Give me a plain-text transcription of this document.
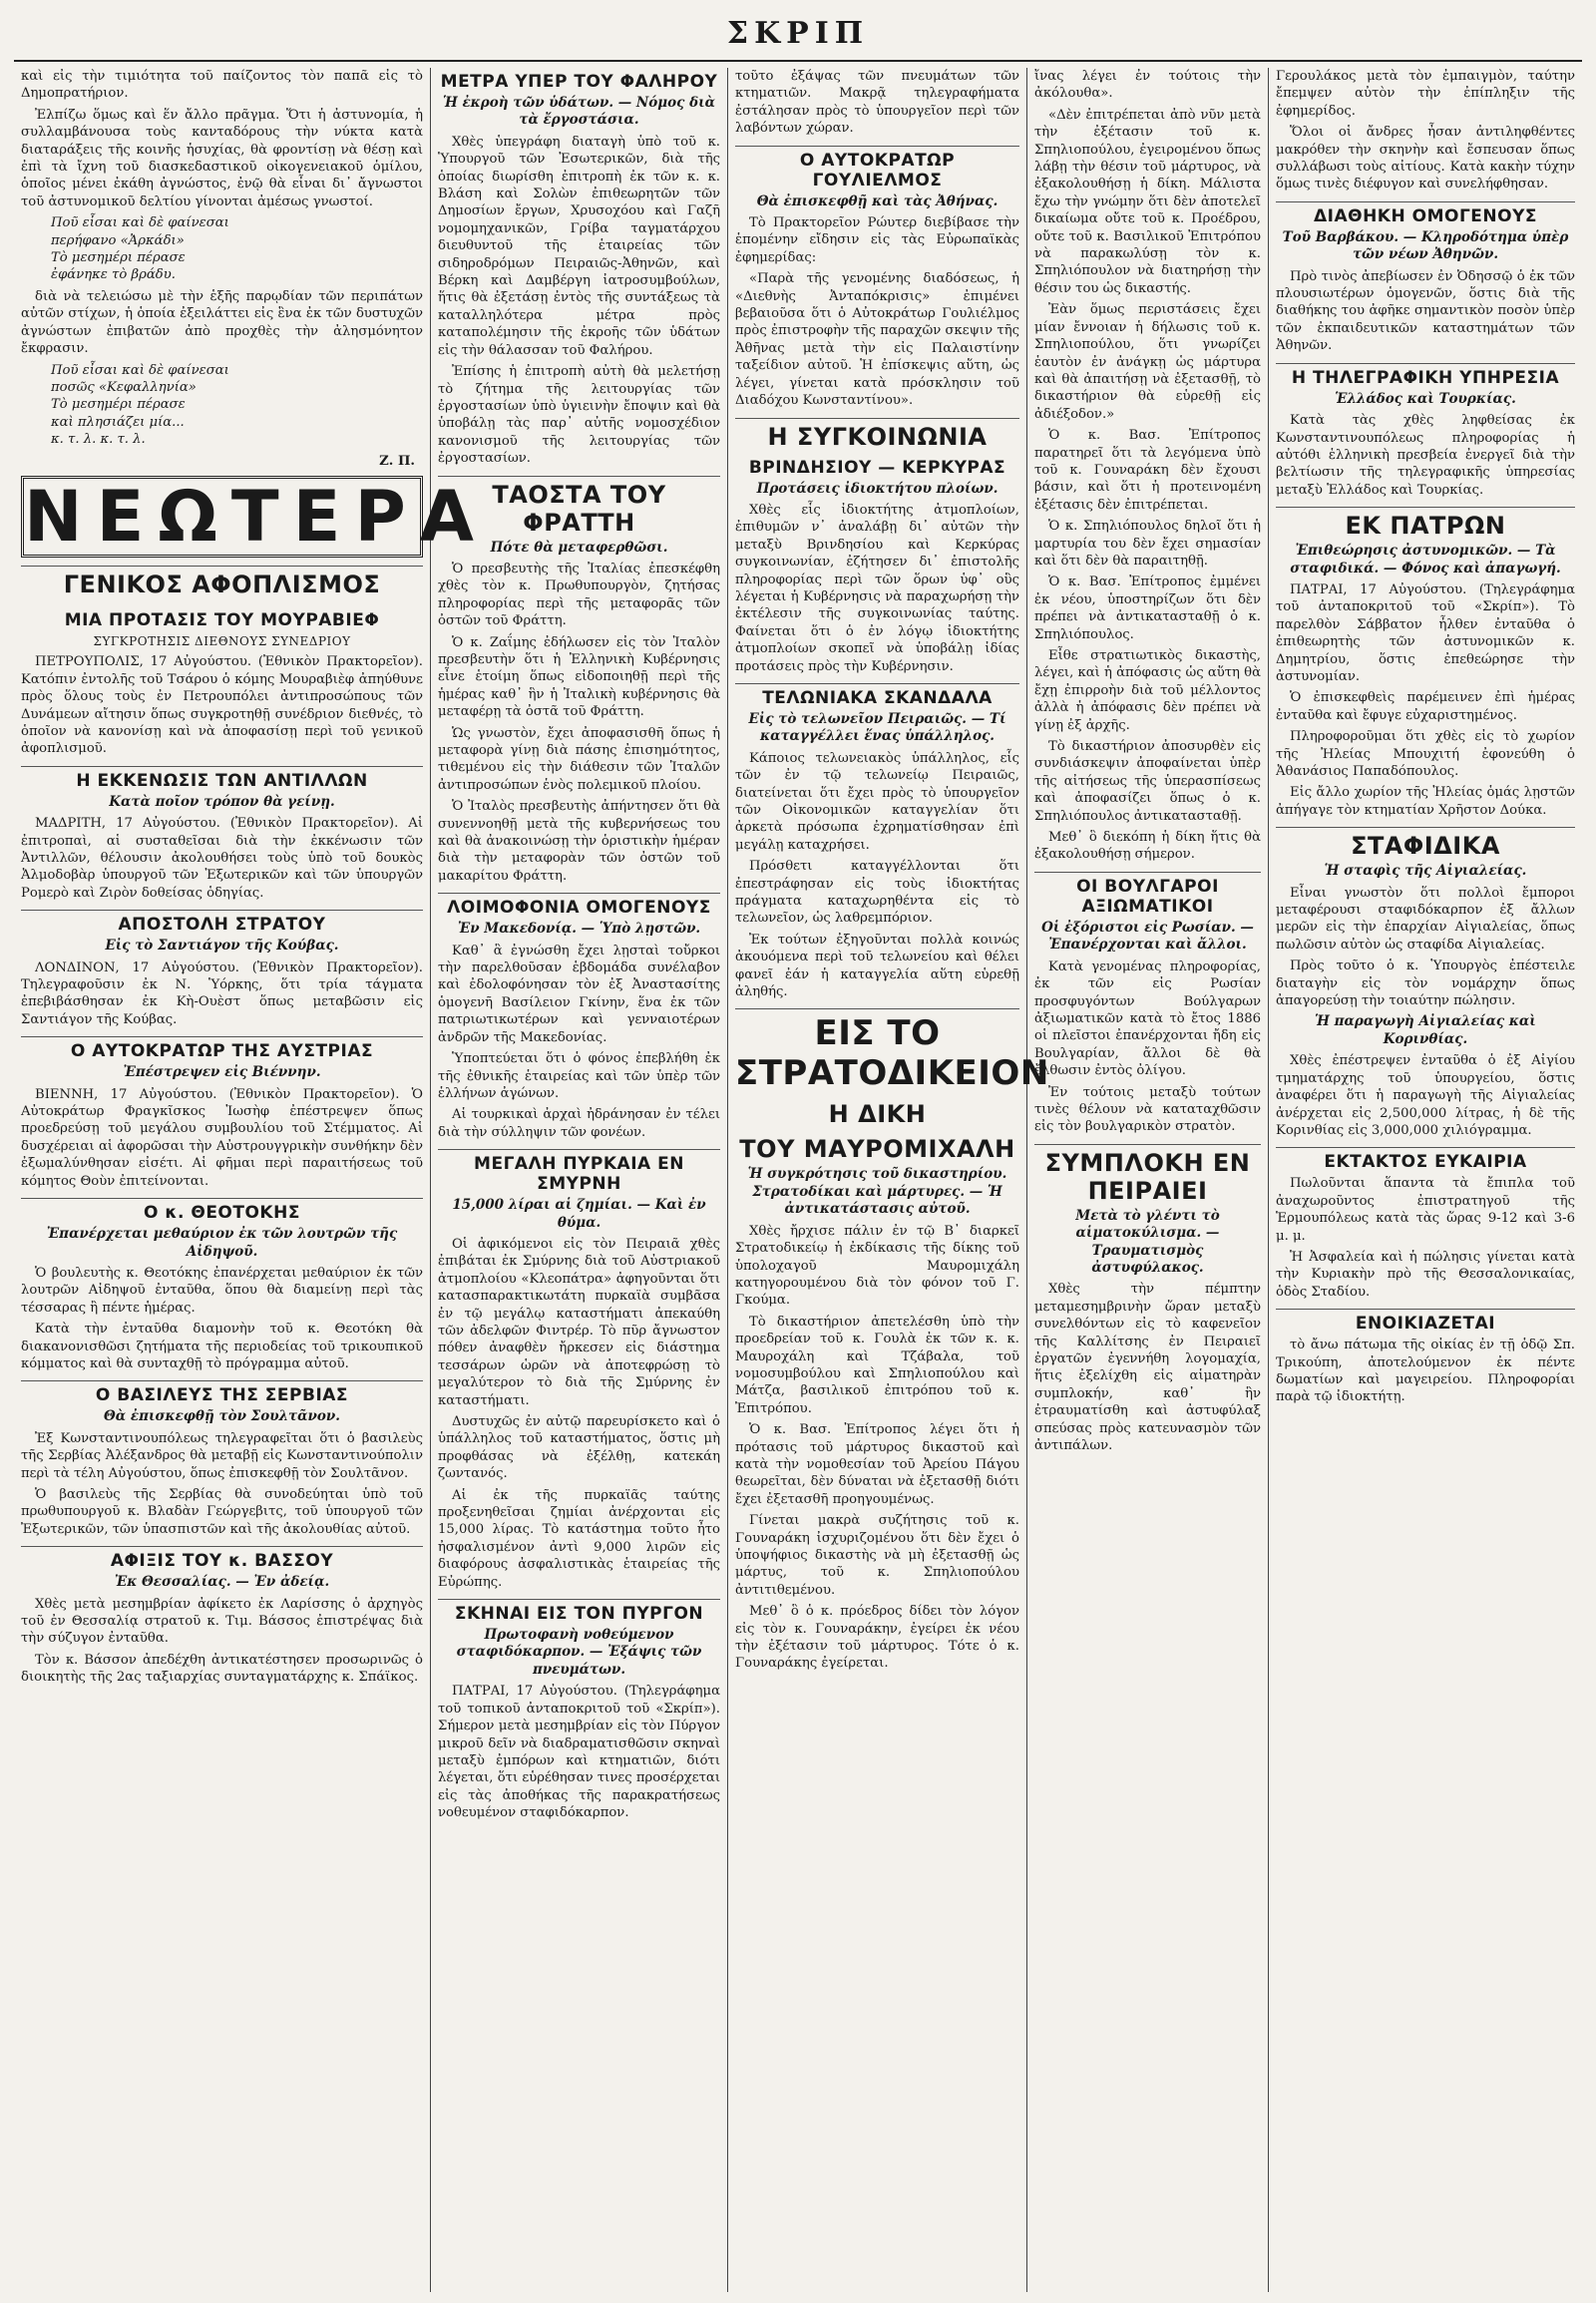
ΣΚΡΙΠ

καὶ εἰς τὴν τιμιότητα τοῦ παίζοντος τὸν παπᾶ εἰς τὸ Δημοπρατήριον.

Ἐλπίζω ὅμως καὶ ἕν ἄλλο πρᾶγμα. Ὅτι ἡ ἀστυνομία, ἡ συλλαμβάνουσα τοὺς κανταδόρους τὴν νύκτα κατὰ διαταράξεις τῆς κοινῆς ἡσυχίας, θὰ φροντίσῃ νὰ θέσῃ καὶ ἐπὶ τὰ ἴχνη τοῦ διασκεδαστικοῦ οἰκογενειακοῦ ὁμίλου, ὁποῖος μένει ἐκάθη ἀγνώστος, ἐνῷ θὰ εἶναι δι᾽ ἄγνωστοι τοῦ ἀστυνομικοῦ δελτίου γίνονται ἀμέσως γνωστοί.

Ποῦ εἶσαι καὶ δὲ φαίνεσαι
περήφανο «Ἀρκάδι»
Τὸ μεσημέρι πέρασε
ἐφάνηκε τὸ βράδυ.

διὰ νὰ τελειώσω μὲ τὴν ἑξῆς παρῳδίαν τῶν περιπάτων αὐτῶν στίχων, ἡ ὁποία ἐξειλάττει εἰς ἓνα ἐκ τῶν δυστυχῶν ἀγνώστων ἐπιβατῶν ἀπὸ προχθὲς τὴν ἀλησμόνητον ἔκφρασιν.

Ποῦ εἶσαι καὶ δὲ φαίνεσαι
ποσῶς «Κεφαλληνία»
Τὸ μεσημέρι πέρασε
καὶ πλησιάζει μία...
κ. τ. λ. κ. τ. λ.
Ζ. Π.
ΝΕΩΤΕΡΑ
ΓΕΝΙΚΟΣ ΑΦΟΠΛΙΣΜΟΣ
ΜΙΑ ΠΡΟΤΑΣΙΣ ΤΟΥ ΜΟΥΡΑΒΙΕΦ
ΣΥΓΚΡΟΤΗΣΙΣ ΔΙΕΘΝΟΥΣ ΣΥΝΕΔΡΙΟΥ

ΠΕΤΡΟΥΠΟΛΙΣ, 17 Αὐγούστου. (Ἐθνικὸν Πρακτορεῖον). Κατόπιν ἐντολῆς τοῦ Τσάρου ὁ κόμης Μουραβιὲφ ἀπηύθυνε πρὸς ὅλους τοὺς ἐν Πετρουπόλει ἀντιπροσώπους τῶν Δυνάμεων αἴτησιν ὅπως συγκροτηθῇ συνέδριον διεθνές, τὸ ὁποῖον νὰ κανονίσῃ καὶ νὰ ἀποφασίσῃ περὶ τοῦ γενικοῦ ἀφοπλισμοῦ.

Η ΕΚΚΕΝΩΣΙΣ ΤΩΝ ΑΝΤΙΛΛΩΝ
Κατὰ ποῖον τρόπον θὰ γείνῃ.

ΜΑΔΡΙΤΗ, 17 Αὐγούστου. (Ἐθνικὸν Πρακτορεῖον). Αἱ ἐπιτροπαὶ, αἱ συσταθεῖσαι διὰ τὴν ἐκκένωσιν τῶν Ἀντιλλῶν, θέλουσιν ἀκολουθήσει τοὺς ὑπὸ τοῦ δουκὸς Ἀλμοδοβὰρ ὑπουργοῦ τῶν Ἐξωτερικῶν καὶ τῶν ὑπουργῶν Ρομερὸ καὶ Ζιρὸν δοθείσας ὁδηγίας.

ΑΠΟΣΤΟΛΗ ΣΤΡΑΤΟΥ
Εἰς τὸ Σαντιάγον τῆς Κούβας.

ΛΟΝΔΙΝΟΝ, 17 Αὐγούστου. (Ἐθνικὸν Πρακτορεῖον). Τηλεγραφοῦσιν ἐκ Ν. Ὑόρκης, ὅτι τρία τάγματα ἐπεβιβάσθησαν ἐκ Κὴ-Ουὲστ ὅπως μεταβῶσιν εἰς Σαντιάγον τῆς Κούβας.

Ο ΑΥΤΟΚΡΑΤΩΡ ΤΗΣ ΑΥΣΤΡΙΑΣ
Ἐπέστρεψεν εἰς Βιέννην.

ΒΙΕΝΝΗ, 17 Αὐγούστου. (Ἐθνικὸν Πρακτορεῖον). Ὁ Αὐτοκράτωρ Φραγκῖσκος Ἰωσὴφ ἐπέστρεψεν ὅπως προεδρεύσῃ τοῦ μεγάλου συμβουλίου τοῦ Στέμματος. Αἱ δυσχέρειαι αἱ ἀφορῶσαι τὴν Αὐστρουγγρικὴν συνθήκην δὲν ἐξωμαλύνθησαν εἰσέτι. Αἱ φῆμαι περὶ παραιτήσεως τοῦ κόμητος Θοὺν ἐπιτείνονται.

Ο κ. ΘΕΟΤΟΚΗΣ
Ἐπανέρχεται μεθαύριον ἐκ τῶν λουτρῶν τῆς Αἰδηψοῦ.

Ὁ βουλευτὴς κ. Θεοτόκης ἐπανέρχεται μεθαύριον ἐκ τῶν λουτρῶν Αἰδηψοῦ ἐνταῦθα, ὅπου θὰ διαμείνῃ περὶ τὰς τέσσαρας ἢ πέντε ἡμέρας.

Κατὰ τὴν ἐνταῦθα διαμονὴν τοῦ κ. Θεοτόκη θὰ διακανονισθῶσι ζητήματα τῆς περιοδείας τοῦ τρικουπικοῦ κόμματος καὶ θὰ συνταχθῇ τὸ πρόγραμμα αὐτοῦ.

Ο ΒΑΣΙΛΕΥΣ ΤΗΣ ΣΕΡΒΙΑΣ
Θὰ ἐπισκεφθῇ τὸν Σουλτᾶνον.

Ἐξ Κωνσταντινουπόλεως τηλεγραφεῖται ὅτι ὁ βασιλεὺς τῆς Σερβίας Ἀλέξανδρος θὰ μεταβῇ εἰς Κωνσταντινούπολιν περὶ τὰ τέλη Αὐγούστου, ὅπως ἐπισκεφθῇ τὸν Σουλτᾶνον.

Ὁ βασιλεὺς τῆς Σερβίας θὰ συνοδεύηται ὑπὸ τοῦ πρωθυπουργοῦ κ. Βλαδὰν Γεώργεβιτς, τοῦ ὑπουργοῦ τῶν Ἐξωτερικῶν, τῶν ὑπασπιστῶν καὶ τῆς ἀκολουθίας αὐτοῦ.

ΑΦΙΞΙΣ ΤΟΥ κ. ΒΑΣΣΟΥ
Ἐκ Θεσσαλίας. — Ἐν ἀδείᾳ.

Χθὲς μετὰ μεσημβρίαν ἀφίκετο ἐκ Λαρίσσης ὁ ἀρχηγὸς τοῦ ἐν Θεσσαλίᾳ στρατοῦ κ. Τιμ. Βάσσος ἐπιστρέψας διὰ τὴν σύζυγον ἐνταῦθα.

Τὸν κ. Βάσσον ἀπεδέχθη ἀντικατέστησεν προσωρινῶς ὁ διοικητὴς τῆς 2ας ταξιαρχίας συνταγματάρχης κ. Σπάϊκος.

ΜΕΤΡΑ ΥΠΕΡ ΤΟΥ ΦΑΛΗΡΟΥ
Ἡ ἐκροὴ τῶν ὑδάτων. — Νόμος διὰ τὰ ἔργοστάσια.

Χθὲς ὑπεγράφη διαταγὴ ὑπὸ τοῦ κ. Ὑπουργοῦ τῶν Ἐσωτερικῶν, διὰ τῆς ὁποίας διωρίσθη ἐπιτροπὴ ἐκ τῶν κ. κ. Βλάση καὶ Σολὼν ἐπιθεωρητῶν τῶν Δημοσίων ἔργων, Χρυσοχόου καὶ Γαζῆ νομομηχανικῶν, Γρίβα ταγματάρχου διευθυντοῦ τῆς ἑταιρείας τῶν σιδηροδρόμων Πειραιῶς-Ἀθηνῶν, καὶ Βέρκη καὶ Δαμβέργη ἰατροσυμβούλων, ἥτις θὰ ἐξετάσῃ ἐντὸς τῆς συντάξεως τὰ καταλληλότερα μέτρα πρὸς καταπολέμησιν τῆς ἐκροῆς τῶν ὑδάτων εἰς τὴν θάλασσαν τοῦ Φαλήρου.

Ἐπίσης ἡ ἐπιτροπὴ αὐτὴ θὰ μελετήσῃ τὸ ζήτημα τῆς λειτουργίας τῶν ἐργοστασίων ὑπὸ ὑγιεινὴν ἔποψιν καὶ θὰ ὑποβάλῃ τὰς παρ᾽ αὐτῆς νομοσχέδιον κανονισμοῦ τῆς λειτουργίας τῶν ἐργοστασίων.

ΤΑΟΣΤΑ ΤΟΥ ΦΡΑΤΤΗ
Πότε θὰ μεταφερθῶσι.

Ὁ πρεσβευτὴς τῆς Ἰταλίας ἐπεσκέφθη χθὲς τὸν κ. Πρωθυπουργὸν, ζητήσας πληροφορίας περὶ τῆς μεταφορᾶς τῶν ὀστῶν τοῦ Φράττη.

Ὁ κ. Ζαΐμης ἐδήλωσεν εἰς τὸν Ἰταλὸν πρεσβευτὴν ὅτι ἡ Ἑλληνικὴ Κυβέρνησις εἶνε ἑτοίμη ὅπως εἰδοποιηθῇ περὶ τῆς ἡμέρας καθ᾽ ἣν ἡ Ἰταλικὴ κυβέρνησις θὰ μεταφέρῃ τὰ ὀστᾶ τοῦ Φράττη.

Ὡς γνωστὸν, ἔχει ἀποφασισθῆ ὅπως ἡ μεταφορὰ γίνῃ διὰ πάσης ἐπισημότητος, τιθεμένου εἰς τὴν διάθεσιν τῶν Ἰταλῶν ἀντιπροσώπων ἑνὸς πολεμικοῦ πλοίου.

Ὁ Ἰταλὸς πρεσβευτὴς ἀπήντησεν ὅτι θὰ συνεννοηθῇ μετὰ τῆς κυβερνήσεως του καὶ θὰ ἀνακοινώσῃ τὴν ὁριστικὴν ἡμέραν διὰ τὴν μεταφορὰν τῶν ὀστῶν τοῦ μακαρίτου Φράττη.

ΛΟΙΜΟΦΟΝΙΑ ΟΜΟΓΕΝΟΥΣ
Ἐν Μακεδονίᾳ. — Ὑπὸ λῃστῶν.

Καθ᾽ ἃ ἐγνώσθη ἔχει λῃσταὶ τοὔρκοι τὴν παρελθοῦσαν ἑβδομάδα συνέλαβον καὶ ἐδολοφόνησαν τὸν ἐξ Ἀναστασίτης ὁμογενῆ Βασίλειον Γκίνην, ἕνα ἐκ τῶν πατριωτικωτέρων καὶ γενναιοτέρων ἀνδρῶν τῆς Μακεδονίας.

Ὑποπτεύεται ὅτι ὁ φόνος ἐπεβλήθη ἐκ τῆς ἐθνικῆς ἑταιρείας καὶ τῶν ὑπὲρ τῶν ἑλλήνων ἀγώνων.

Αἱ τουρκικαὶ ἀρχαὶ ἠδράνησαν ἐν τέλει διὰ τὴν σύλληψιν τῶν φονέων.

ΜΕΓΑΛΗ ΠΥΡΚΑΙΑ ΕΝ ΣΜΥΡΝΗ
15,000 λίραι αἱ ζημίαι. — Καὶ ἐν θύμα.

Οἱ ἀφικόμενοι εἰς τὸν Πειραιᾶ χθὲς ἐπιβάται ἐκ Σμύρνης διὰ τοῦ Αὐστριακοῦ ἀτμοπλοίου «Κλεοπάτρα» ἀφηγοῦνται ὅτι κατασπαρακτικωτάτη πυρκαϊὰ συμβᾶσα ἐν τῷ μεγάλῳ καταστήματι ἀπεκαύθη τῶν ἀδελφῶν Φιντρέρ. Τὸ πῦρ ἄγνωστον πόθεν ἀναφθὲν ἤρκεσεν εἰς διάστημα τεσσάρων ὡρῶν νὰ ἀποτεφρώσῃ τὸ μεγαλύτερον τὸ διὰ τῆς Σμύρνης ἐν καταστήματι.

Δυστυχῶς ἐν αὐτῷ παρευρίσκετο καὶ ὁ ὑπάλληλος τοῦ καταστήματος, ὅστις μὴ προφθάσας νὰ ἐξέλθῃ, κατεκάη ζωντανός.

Αἱ ἐκ τῆς πυρκαϊᾶς ταύτης προξενηθεῖσαι ζημίαι ἀνέρχονται εἰς 15,000 λίρας. Τὸ κατάστημα τοῦτο ἦτο ἠσφαλισμένον ἀντὶ 9,000 λιρῶν εἰς διαφόρους ἀσφαλιστικὰς ἑταιρείας τῆς Εὐρώπης.

ΣΚΗΝΑΙ ΕΙΣ ΤΟΝ ΠΥΡΓΟΝ
Πρωτοφανὴ νοθεύμενον σταφιδόκαρπον. — Ἐξάψις τῶν πνευμάτων.

ΠΑΤΡΑΙ, 17 Αὐγούστου. (Τηλεγράφημα τοῦ τοπικοῦ ἀνταποκριτοῦ τοῦ «Σκρίπ»). Σήμερον μετὰ μεσημβρίαν εἰς τὸν Πύργον μικροῦ δεῖν νὰ διαδραματισθῶσιν σκηναὶ μεταξὺ ἐμπόρων καὶ κτηματιῶν, διότι λέγεται, ὅτι εὑρέθησαν τινες προσέρχεται εἰς τὰς ἀποθήκας τῆς παρακρατήσεως νοθευμένον σταφιδόκαρπον.

τοῦτο ἐξάψας τῶν πνευμάτων τῶν κτηματιῶν. Μακρᾷ τηλεγραφήματα ἐστάλησαν πρὸς τὸ ὑπουργεῖον περὶ τῶν λαβόντων χώραν.

Ο ΑΥΤΟΚΡΑΤΩΡ ΓΟΥΛΙΕΛΜΟΣ
Θὰ ἐπισκεφθῇ καὶ τὰς Ἀθήνας.

Τὸ Πρακτορεῖον Ρώυτερ διεβίβασε τὴν ἑπομένην εἴδησιν εἰς τὰς Εὐρωπαϊκὰς ἐφημερίδας:

«Παρὰ τῆς γενομένης διαδόσεως, ἡ «Διεθνὴς Ἀνταπόκρισις» ἐπιμένει βεβαιοῦσα ὅτι ὁ Αὐτοκράτωρ Γουλιέλμος πρὸς ἐπιστροφὴν τῆς παραχῶν σκεψιν τῆς Ἀθῆνας μετὰ τὴν εἰς Παλαιστίνην ταξείδιον αὐτοῦ. Ἡ ἐπίσκεψις αὕτη, ὡς λέγει, γίνεται κατὰ πρόσκλησιν τοῦ Διαδόχου Κωνσταντίνου».

Η ΣΥΓΚΟΙΝΩΝΙΑ
ΒΡΙΝΔΗΣΙΟΥ — ΚΕΡΚΥΡΑΣ
Προτάσεις ἰδιοκτήτου πλοίων.

Χθὲς εἷς ἰδιοκτήτης ἀτμοπλοίων, ἐπιθυμῶν ν᾽ ἀναλάβῃ δι᾽ αὐτῶν τὴν μεταξὺ Βρινδησίου καὶ Κερκύρας συγκοινωνίαν, ἐζήτησεν δι᾽ ἐπιστολῆς πληροφορίας περὶ τῶν ὅρων ὑφ᾽ οὓς λέγεται ἡ Κυβέρνησις νὰ παραχωρήσῃ τὴν ἐκτέλεσιν τῆς συγκοινωνίας ταύτης. Φαίνεται ὅτι ὁ ἐν λόγῳ ἰδιοκτήτης ἀτμοπλοίων σκοπεῖ νὰ ὑποβάλῃ ἰδίας προτάσεις πρὸς τὴν Κυβέρνησιν.

ΤΕΛΩΝΙΑΚΑ ΣΚΑΝΔΑΛΑ
Εἰς τὸ τελωνεῖον Πειραιῶς. — Τί καταγγέλλει ἕνας ὑπάλληλος.

Κάποιος τελωνειακὸς ὑπάλληλος, εἷς τῶν ἐν τῷ τελωνείῳ Πειραιῶς, διατείνεται ὅτι ἔχει πρὸς τὸ ὑπουργεῖον τῶν Οἰκονομικῶν καταγγελίαν ὅτι ἀρκετὰ πρόσωπα ἐχρηματίσθησαν ἐπὶ μεγάλῃ καταχρήσει.

Πρόσθετι καταγγέλλονται ὅτι ἐπεστράφησαν εἰς τοὺς ἰδιοκτήτας πράγματα καταχωρηθέντα εἰς τὸ τελωνεῖον, ὡς λαθρεμπόριον.

Ἐκ τούτων ἐξηγοῦνται πολλὰ κοινώς ἀκουόμενα περὶ τοῦ τελωνείου καὶ θέλει φανεῖ ἐάν ἡ καταγγελία αὕτη εὑρεθῇ ἀληθής.

ΕΙΣ ΤΟ ΣΤΡΑΤΟΔΙΚΕΙΟΝ
Η ΔΙΚΗ
ΤΟΥ ΜΑΥΡΟΜΙΧΑΛΗ
Ἡ συγκρότησις τοῦ δικαστηρίου. Στρατοδίκαι καὶ μάρτυρες. — Ἡ ἀντικατάστασις αὐτοῦ.

Χθὲς ἤρχισε πάλιν ἐν τῷ Β᾽ διαρκεῖ Στρατοδικείῳ ἡ ἐκδίκασις τῆς δίκης τοῦ ὑπολοχαγοῦ Μαυρομιχάλη κατηγορουμένου διὰ τὸν φόνον τοῦ Γ. Γκούμα.

Τὸ δικαστήριον ἀπετελέσθη ὑπὸ τὴν προεδρείαν τοῦ κ. Γουλὰ ἐκ τῶν κ. κ. Μαυροχάλη καὶ Τζάβαλα, τοῦ νομοσυμβούλου καὶ Σπηλιοπούλου καὶ Μάτζα, βασιλικοῦ ἐπιτρόπου τοῦ κ. Ἐπιτρόπου.

Ὁ κ. Βασ. Ἐπίτροπος λέγει ὅτι ἡ πρότασις τοῦ μάρτυρος δικαστοῦ καὶ κατὰ τὴν νομοθεσίαν τοῦ Ἀρείου Πάγου θεωρεῖται, δὲν δύναται νὰ ἐξετασθῇ διότι ἔχει ἐξετασθῆ προηγουμένως.

Γίνεται μακρὰ συζήτησις τοῦ κ. Γουναράκη ἰσχυριζομένου ὅτι δὲν ἔχει ὁ ὑποψήφιος δικαστὴς νὰ μὴ ἐξετασθῇ ὡς μάρτυς, τοῦ κ. Σπηλιοπούλου ἀντιτιθεμένου.

Μεθ᾽ ὃ ὁ κ. πρόεδρος δίδει τὸν λόγον εἰς τὸν κ. Γουναράκην, ἐγείρει ἐκ νέου τὴν ἐξέτασιν τοῦ μάρτυρος. Τότε ὁ κ. Γουναράκης ἐγείρεται.

ἴνας λέγει ἐν τούτοις τὴν ἀκόλουθα».

«Δὲν ἐπιτρέπεται ἀπὸ νῦν μετὰ τὴν ἐξέτασιν τοῦ κ. Σπηλιοπούλου, ἐγειρομένου ὅπως λάβῃ τὴν θέσιν τοῦ μάρτυρος, νὰ ἐξακολουθήσῃ ἡ δίκη. Μάλιστα ἔχω τὴν γνώμην ὅτι δὲν ἀποτελεῖ δικαίωμα οὔτε τοῦ κ. Προέδρου, οὔτε τοῦ κ. Βασιλικοῦ Ἐπιτρόπου νὰ παρακωλύσῃ τὸν κ. Σπηλιόπουλον νὰ διατηρήσῃ τὴν θέσιν του ὡς δικαστής.

Ἐὰν ὅμως περιστάσεις ἔχει μίαν ἔννοιαν ἡ δήλωσις τοῦ κ. Σπηλιοπούλου, ὅτι γνωρίζει ἑαυτὸν ἐν ἀνάγκῃ ὡς μάρτυρα καὶ θὰ ἀπαιτήσῃ νὰ ἐξετασθῇ, τὸ δικαστήριον θὰ εὑρεθῇ εἰς ἀδιέξοδον.»

Ὁ κ. Βασ. Ἐπίτροπος παρατηρεῖ ὅτι τὰ λεγόμενα ὑπὸ τοῦ κ. Γουναράκη δὲν ἔχουσι βάσιν, καὶ ὅτι ἡ προτεινομένη ἐξέτασις δὲν ἐπιτρέπεται.

Ὁ κ. Σπηλιόπουλος δηλοῖ ὅτι ἡ μαρτυρία του δὲν ἔχει σημασίαν καὶ ὅτι δὲν θὰ παραιτηθῇ.

Ὁ κ. Βασ. Ἐπίτροπος ἐμμένει ἐκ νέου, ὑποστηρίζων ὅτι δὲν πρέπει νὰ ἀντικατασταθῇ ὁ κ. Σπηλιόπουλος.

Εἶθε στρατιωτικὸς δικαστὴς, λέγει, καὶ ἡ ἀπόφασις ὡς αὕτη θὰ ἔχῃ ἐπιρροὴν διὰ τοῦ μέλλοντος ἀλλὰ ἡ ἀπόφασις δὲν πρέπει νὰ γίνῃ ἐξ ἀρχῆς.

Τὸ δικαστήριον ἀποσυρθὲν εἰς συνδιάσκεψιν ἀποφαίνεται ὑπὲρ τῆς αἰτήσεως τῆς ὑπερασπίσεως καὶ ἀποφασίζει ὅπως ὁ κ. Σπηλιόπουλος ἀντικατασταθῇ.

Μεθ᾽ ὃ διεκόπη ἡ δίκη ἥτις θὰ ἐξακολουθήσῃ σήμερον.

ΟΙ ΒΟΥΛΓΑΡΟΙ ΑΞΙΩΜΑΤΙΚΟΙ
Οἱ ἐξόριστοι εἰς Ρωσίαν. — Ἐπανέρχονται καὶ ἄλλοι.

Κατὰ γενομένας πληροφορίας, ἐκ τῶν εἰς Ρωσίαν προσφυγόντων Βούλγαρων ἀξιωματικῶν κατὰ τὸ ἔτος 1886 οἱ πλεῖστοι ἐπανέρχονται ἤδη εἰς Βουλγαρίαν, ἄλλοι δὲ θὰ ἔλθωσιν ἐντὸς ὀλίγου.

Ἐν τούτοις μεταξὺ τούτων τινὲς θέλουν νὰ καταταχθῶσιν εἰς τὸν βουλγαρικὸν στρατὸν.

ΣΥΜΠΛΟΚΗ ΕΝ ΠΕΙΡΑΙΕΙ
Μετὰ τὸ γλέντι τὸ αἱματοκύλισμα. — Τραυματισμὸς ἀστυφύλακος.

Χθὲς τὴν πέμπτην μεταμεσημβρινὴν ὥραν μεταξὺ συνελθόντων εἰς τὸ καφενεῖον τῆς Καλλίτσης ἐν Πειραιεῖ ἐργατῶν ἐγεννήθη λογομαχία, ἥτις ἐξελίχθη εἰς αἱματηρὰν συμπλοκήν, καθ᾽ ἣν ἐτραυματίσθη καὶ ἀστυφύλαξ σπεύσας πρὸς κατευνασμὸν τῶν ἀντιπάλων.

Γερουλάκος μετὰ τὸν ἐμπαιγμὸν, ταύτην ἔπεμψεν αὐτὸν τὴν ἐπίπληξιν τῆς ἐφημερίδος.

Ὅλοι οἱ ἄνδρες ἦσαν ἀντιληφθέντες μακρόθεν τὴν σκηνὴν καὶ ἔσπευσαν ὅπως συλλάβωσι τοὺς αἰτίους. Κατὰ κακὴν τύχην ὅμως τινὲς διέφυγον καὶ συνελήφθησαν.

ΔΙΑΘΗΚΗ ΟΜΟΓΕΝΟΥΣ
Τοῦ Βαρβάκου. — Κληροδότημα ὑπὲρ τῶν νέων Ἀθηνῶν.

Πρὸ τινὸς ἀπεβίωσεν ἐν Ὀδησσῷ ὁ ἐκ τῶν πλουσιωτέρων ὁμογενῶν, ὅστις διὰ τῆς διαθήκης του ἀφῆκε σημαντικὸν ποσὸν ὑπὲρ τῶν ἐκπαιδευτικῶν καταστημάτων τῶν Ἀθηνῶν.

Η ΤΗΛΕΓΡΑΦΙΚΗ ΥΠΗΡΕΣΙΑ
Ἑλλάδος καὶ Τουρκίας.

Κατὰ τὰς χθὲς ληφθείσας ἐκ Κωνσταντινουπόλεως πληροφορίας ἡ αὐτόθι ἑλληνικὴ πρεσβεία ἐνεργεῖ διὰ τὴν βελτίωσιν τῆς τηλεγραφικῆς ὑπηρεσίας μεταξὺ Ἑλλάδος καὶ Τουρκίας.

ΕΚ ΠΑΤΡΩΝ
Ἐπιθεώρησις ἀστυνομικῶν. — Τὰ σταφιδικά. — Φόνος καὶ ἀπαγωγή.

ΠΑΤΡΑΙ, 17 Αὐγούστου. (Τηλεγράφημα τοῦ ἀνταποκριτοῦ τοῦ «Σκρίπ»). Τὸ παρελθὸν Σάββατον ἦλθεν ἐνταῦθα ὁ ἐπιθεωρητὴς τῶν ἀστυνομικῶν κ. Δημητρίου, ὅστις ἐπεθεώρησε τὴν ἀστυνομίαν.

Ὁ ἐπισκεφθεὶς παρέμεινεν ἐπὶ ἡμέρας ἐνταῦθα καὶ ἔφυγε εὐχαριστημένος.

Πληροφοροῦμαι ὅτι χθὲς εἰς τὸ χωρίον τῆς Ἠλείας Μπουχιτή ἐφονεύθη ὁ Ἀθανάσιος Παπαδόπουλος.

Εἰς ἄλλο χωρίον τῆς Ἠλείας ὁμάς λῃστῶν ἀπήγαγε τὸν κτηματίαν Χρῆστον Δούκα.

ΣΤΑΦΙΔΙΚΑ
Ἡ σταφὶς τῆς Αἰγιαλείας.

Εἶναι γνωστὸν ὅτι πολλοὶ ἔμποροι μεταφέρουσι σταφιδόκαρπον ἐξ ἄλλων μερῶν εἰς τὴν ἐπαρχίαν Αἰγιαλείας, ὅπως πωλῶσιν αὐτὸν ὡς σταφίδα Αἰγιαλείας.

Πρὸς τοῦτο ὁ κ. Ὑπουργὸς ἐπέστειλε διαταγὴν εἰς τὸν νομάρχην ὅπως ἀπαγορεύσῃ τὴν τοιαύτην πώλησιν.

Ἡ παραγωγὴ Αἰγιαλείας καὶ Κορινθίας.

Χθὲς ἐπέστρεψεν ἐνταῦθα ὁ ἐξ Αἰγίου τμηματάρχης τοῦ ὑπουργείου, ὅστις ἀναφέρει ὅτι ἡ παραγωγὴ τῆς Αἰγιαλείας ἀνέρχεται εἰς 2,500,000 λίτρας, ἡ δὲ τῆς Κορινθίας εἰς 3,000,000 χιλιόγραμμα.

ΕΚΤΑΚΤΟΣ ΕΥΚΑΙΡΙΑ

Πωλοῦνται ἅπαντα τὰ ἔπιπλα τοῦ ἀναχωροῦντος ἐπιστρατηγοῦ τῆς Ἑρμουπόλεως κατὰ τὰς ὥρας 9-12 καὶ 3-6 μ. μ.

Ἡ Ἀσφαλεία καὶ ἡ πώλησις γίνεται κατὰ τὴν Κυριακὴν πρὸ τῆς Θεσσαλονικαίας, ὁδὸς Σταδίου.

ΕΝΟΙΚΙΑΖΕΤΑΙ

τὸ ἄνω πάτωμα τῆς οἰκίας ἐν τῇ ὁδῷ Σπ. Τρικούπη, ἀποτελούμενον ἐκ πέντε δωματίων καὶ μαγειρείου. Πληροφορίαι παρὰ τῷ ἰδιοκτήτῃ.
